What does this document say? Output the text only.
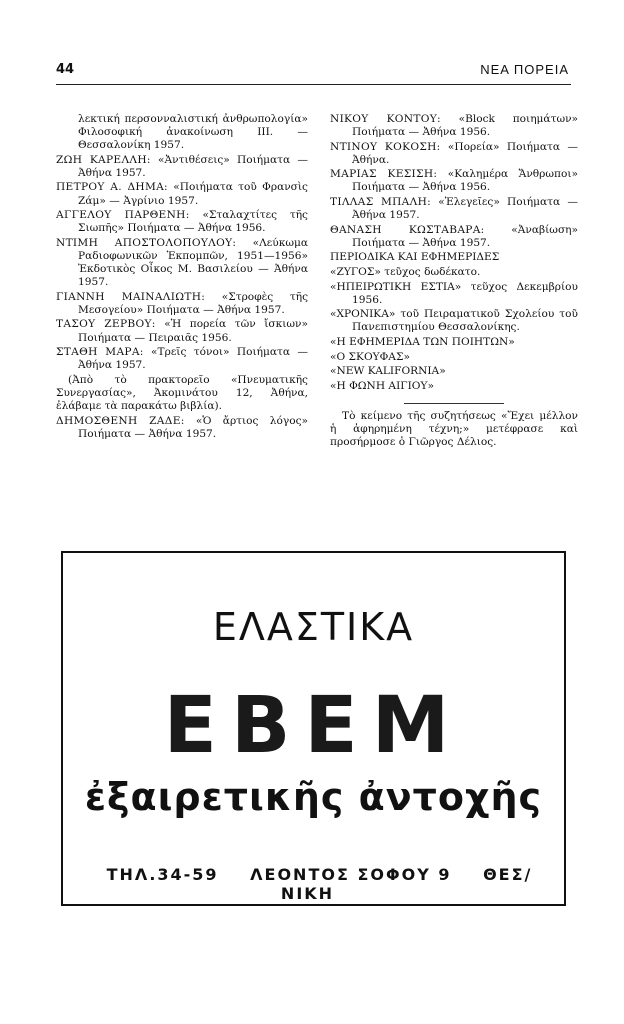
44	ΝΕΑ ΠΟΡΕΙΑ

λεκτική περσονναλιστική ἀνθρωπολογία» Φιλοσοφική ἀνακοίνωση ΙΙΙ. — Θεσσαλονίκη 1957.

ΖΩΗ ΚΑΡΕΛΛΗ: «Ἀντιθέσεις» Ποιήματα — Ἀθήνα 1957.

ΠΕΤΡΟΥ Α. ΔΗΜΑ: «Ποιήματα τοῦ Φρανσὶς Ζάμ» — Ἀγρίνιο 1957.

ΑΓΓΕΛΟΥ ΠΑΡΘΕΝΗ: «Σταλαχτίτες τῆς Σιωπῆς» Ποιήματα — Ἀθήνα 1956.

ΝΤΙΜΗ ΑΠΟΣΤΟΛΟΠΟΥΛΟΥ: «Λεύκωμα Ραδιοφωνικῶν Ἐκπομπῶν, 1951—1956» Ἐκδοτικὸς Οἶκος Μ. Βασιλείου — Ἀθήνα 1957.

ΓΙΑΝΝΗ ΜΑΙΝΑΛΙΩΤΗ: «Στροφὲς τῆς Μεσογείου» Ποιήματα — Ἀθήνα 1957.

ΤΑΣΟΥ ΖΕΡΒΟΥ: «Ἡ πορεία τῶν ἴσκιων» Ποιήματα — Πειραιᾶς 1956.

ΣΤΑΘΗ ΜΑΡΑ: «Τρεῖς τόνοι» Ποιήματα — Ἀθήνα 1957.

(Ἀπὸ τὸ πρακτορεῖο «Πνευματικῆς Συνεργασίας», Ἀκομινάτου 12, Ἀθήνα, ἐλάβαμε τὰ παρακάτω βιβλία).

ΔΗΜΟΣΘΕΝΗ ΖΑΔΕ: «Ὁ ἄρτιος λόγος» Ποιήματα — Ἀθήνα 1957.

ΝΙΚΟΥ ΚΟΝΤΟΥ: «Block ποιημάτων» Ποιήματα — Ἀθήνα 1956.

ΝΤΙΝΟΥ ΚΟΚΟΣΗ: «Πορεία» Ποιήματα — Ἀθήνα.

ΜΑΡΙΑΣ ΚΕΣΙΣΗ: «Καλημέρα Ἄνθρωποι» Ποιήματα — Ἀθήνα 1956.

ΤΙΛΛΑΣ ΜΠΑΛΗ: «Ἐλεγεῖες» Ποιήματα — Ἀθήνα 1957.

ΘΑΝΑΣΗ ΚΩΣΤΑΒΑΡΑ:	«Ἀναβίωση» Ποιήματα — Ἀθήνα 1957.

ΠΕΡΙΟΔΙΚΑ ΚΑΙ ΕΦΗΜΕΡΙΔΕΣ

«ΖΥΓΟΣ» τεῦχος δωδέκατο.

«ΗΠΕΙΡΩΤΙΚΗ ΕΣΤΙΑ» τεῦχος Δεκεμβρίου 1956.

«ΧΡΟΝΙΚΑ» τοῦ Πειραματικοῦ Σχολείου τοῦ Πανεπιστημίου Θεσσαλονίκης.

«Η ΕΦΗΜΕΡΙΔΑ ΤΩΝ ΠΟΙΗΤΩΝ»

«Ο ΣΚΟΥΦΑΣ»

«NEW KALIFORNIA»

«Η ΦΩΝΗ ΑΙΓΙΟΥ»

Τὸ κείμενο τῆς συζητήσεως «Ἔχει μέλλον ἡ ἀφηρημένη τέχνη;» μετέφρασε καὶ προσήρμοσε ὁ Γιῶργος Δέλιος.

ΕΛΑΣΤΙΚΑ
ΕΒΕΜ
ἐξαιρετικῆς ἀντοχῆς
ΤΗΛ.34-59 ΛΕΟΝΤΟΣ ΣΟΦΟΥ 9 ΘΕΣ/ΝΙΚΗ
